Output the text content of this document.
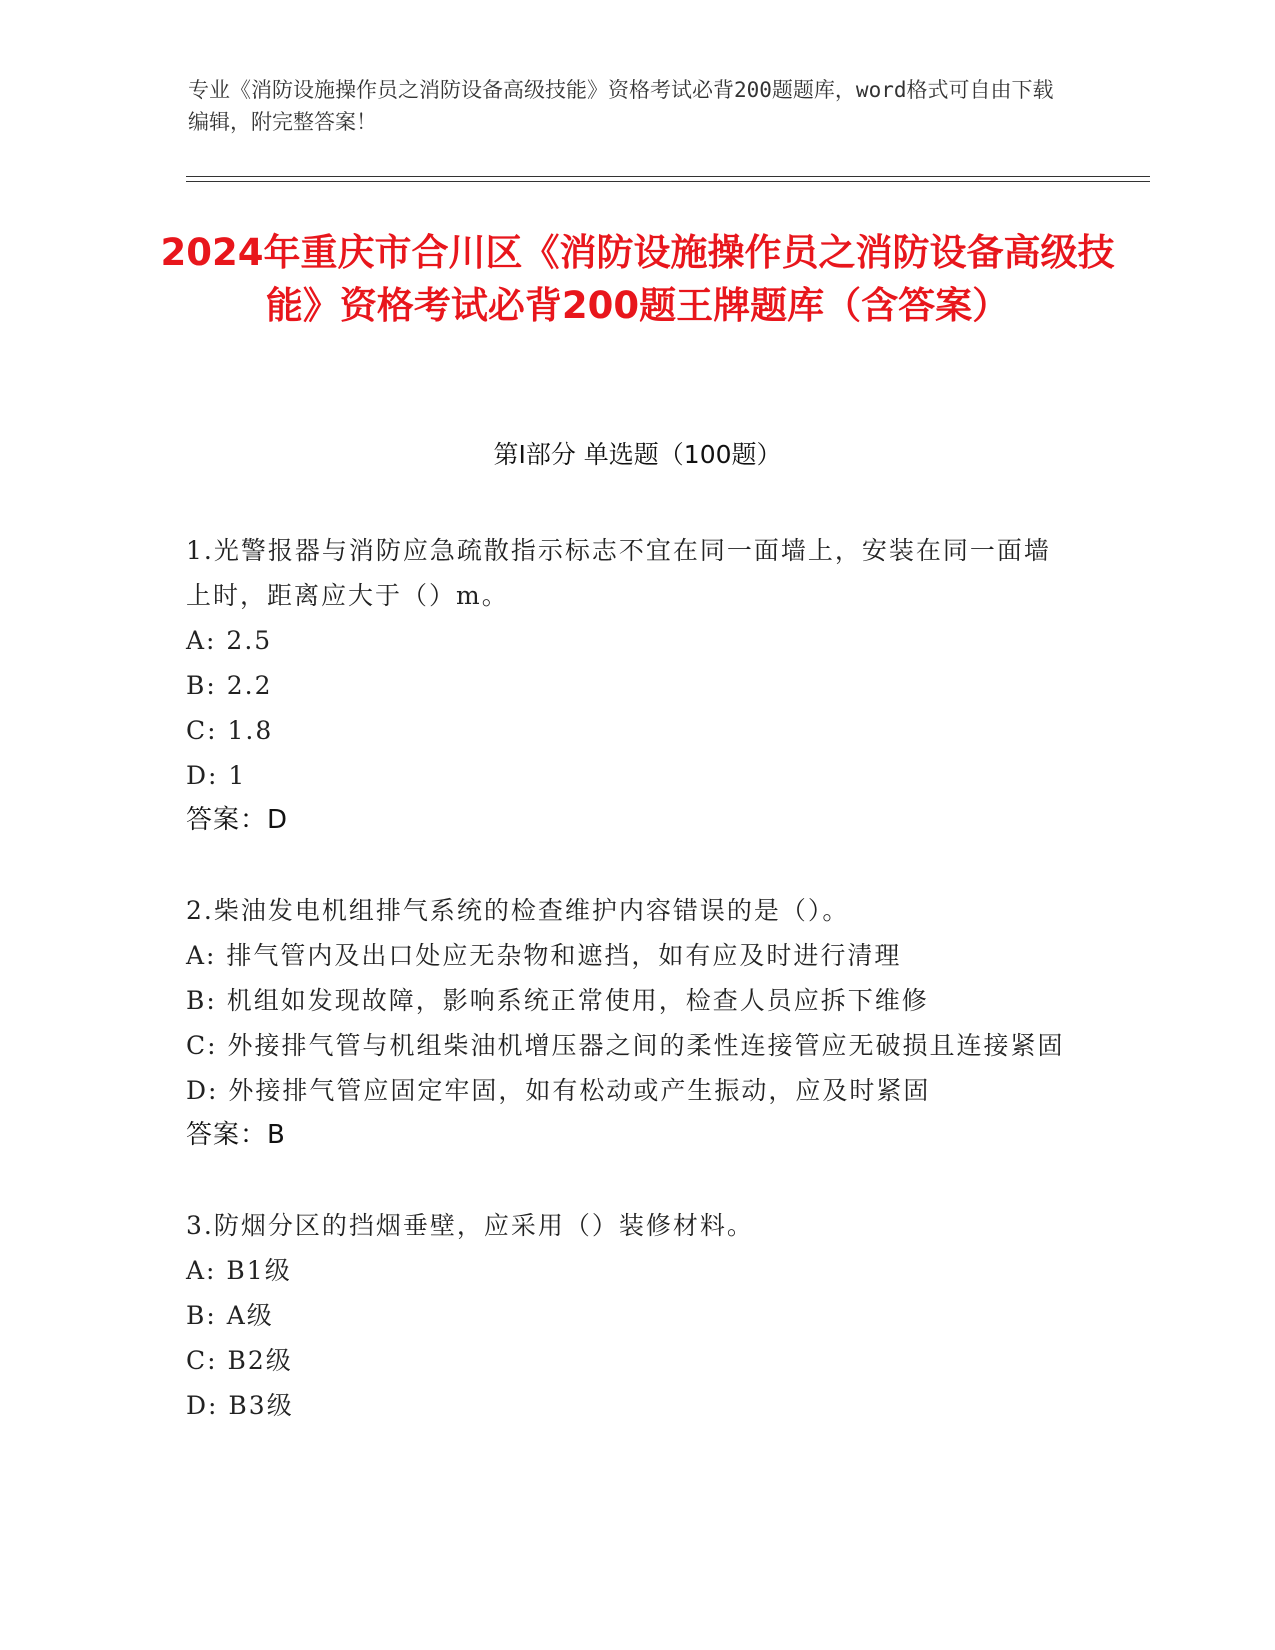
专业《消防设施操作员之消防设备高级技能》资格考试必背200题题库，word格式可自由下载编辑，附完整答案！
2024年重庆市合川区《消防设施操作员之消防设备高级技能》资格考试必背200题王牌题库（含答案）
第I部分 单选题（100题）
1.光警报器与消防应急疏散指示标志不宜在同一面墙上，安装在同一面墙上时，距离应大于（）m。
A: 2.5
B: 2.2
C: 1.8
D: 1
答案：D
2.柴油发电机组排气系统的检查维护内容错误的是（）。
A: 排气管内及出口处应无杂物和遮挡，如有应及时进行清理
B: 机组如发现故障，影响系统正常使用，检查人员应拆下维修
C: 外接排气管与机组柴油机增压器之间的柔性连接管应无破损且连接紧固
D: 外接排气管应固定牢固，如有松动或产生振动，应及时紧固
答案：B
3.防烟分区的挡烟垂壁，应采用（）装修材料。
A: B1级
B: A级
C: B2级
D: B3级
